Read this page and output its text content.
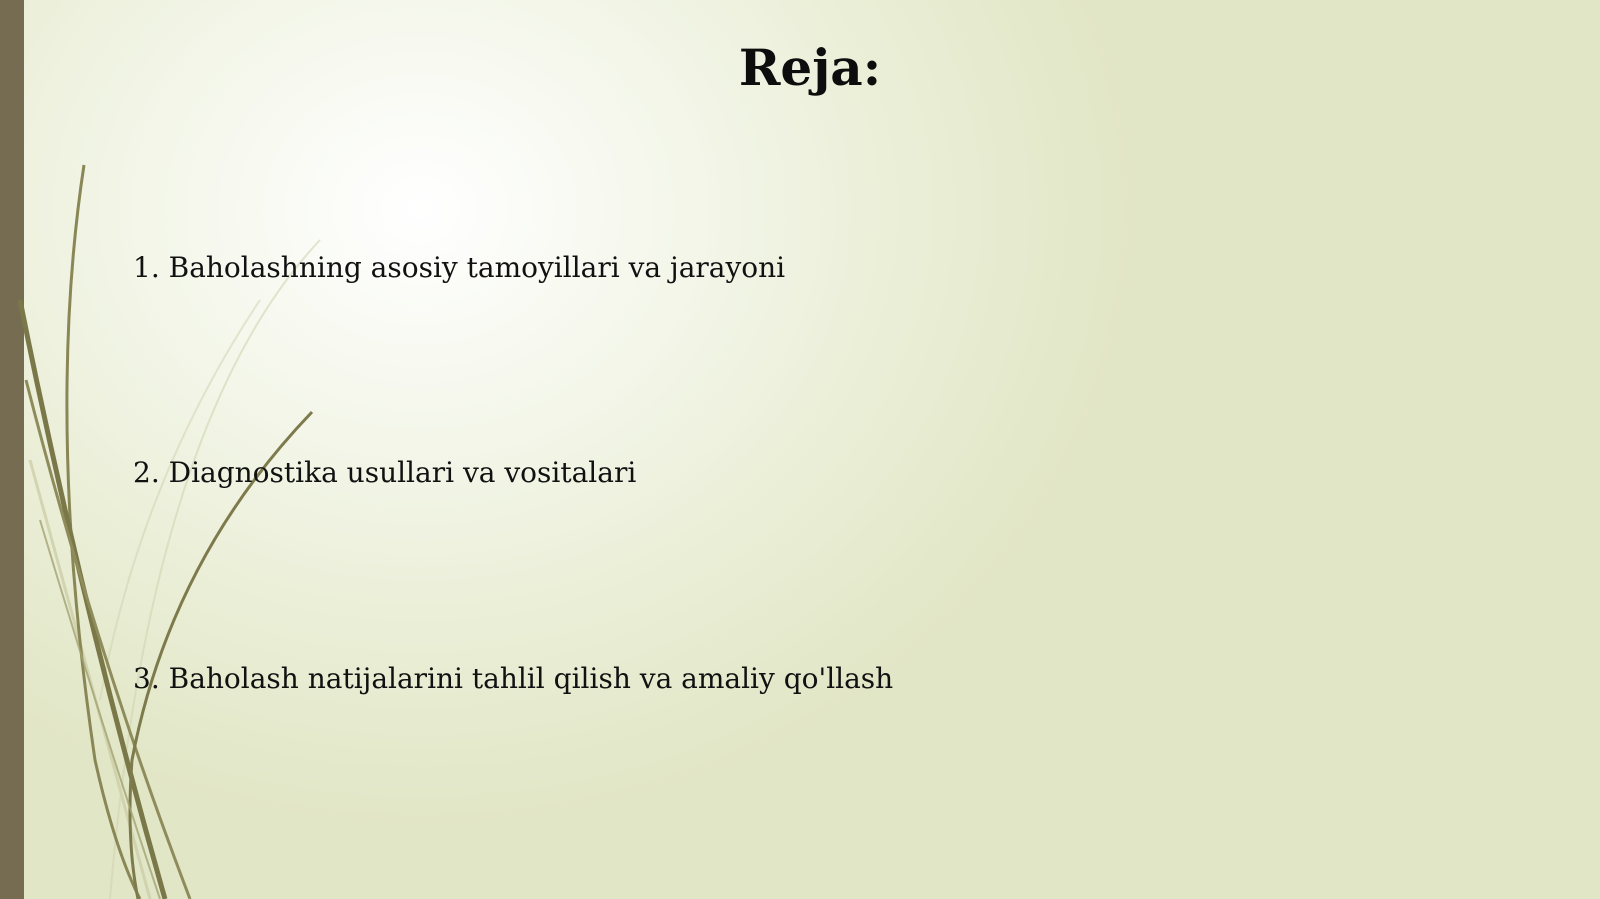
Reja:
1. Baholashning asosiy tamoyillari va jarayoni
2. Diagnostika usullari va vositalari
3. Baholash natijalarini tahlil qilish va amaliy qo'llash
